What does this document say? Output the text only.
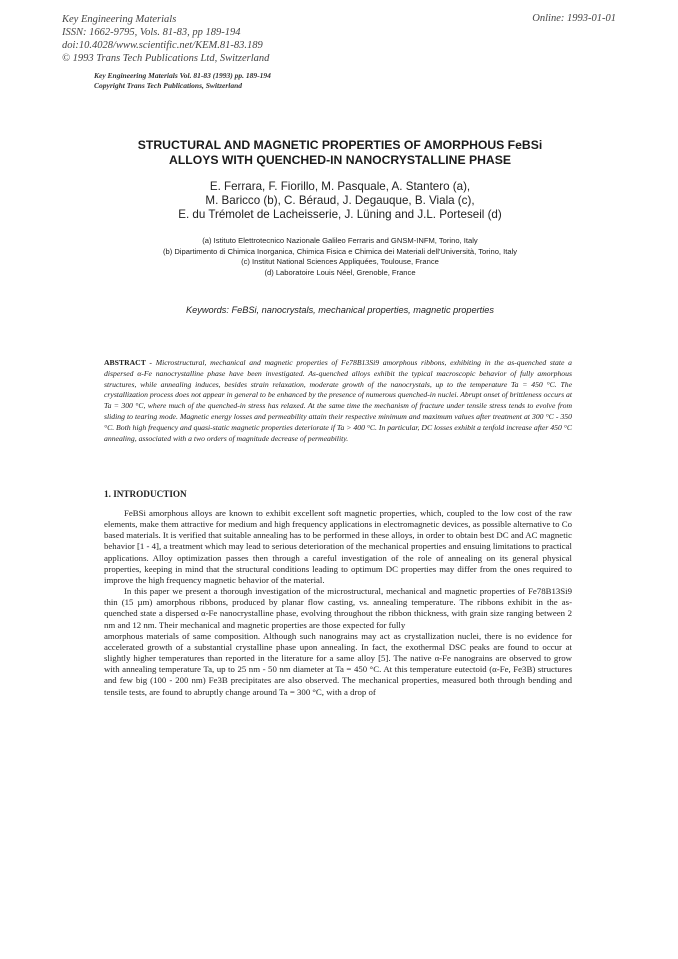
Key Engineering Materials
ISSN: 1662-9795, Vols. 81-83, pp 189-194
doi:10.4028/www.scientific.net/KEM.81-83.189
© 1993 Trans Tech Publications Ltd, Switzerland
Online: 1993-01-01
Key Engineering Materials Vol. 81-83 (1993) pp. 189-194
Copyright Trans Tech Publications, Switzerland
STRUCTURAL AND MAGNETIC PROPERTIES OF AMORPHOUS FeBSi
ALLOYS WITH QUENCHED-IN NANOCRYSTALLINE PHASE
E. Ferrara, F. Fiorillo, M. Pasquale, A. Stantero (a),
M. Baricco (b), C. Béraud, J. Degauque, B. Viala (c),
E. du Trémolet de Lacheisserie, J. Lüning and J.L. Porteseil (d)
(a) Istituto Elettrotecnico Nazionale Galileo Ferraris and GNSM-INFM, Torino, Italy
(b) Dipartimento di Chimica Inorganica, Chimica Fisica e Chimica dei Materiali dell'Università, Torino, Italy
(c) Institut National Sciences Appliquées, Toulouse, France
(d) Laboratoire Louis Néel, Grenoble, France
Keywords: FeBSi, nanocrystals, mechanical properties, magnetic properties
ABSTRACT - Microstructural, mechanical and magnetic properties of Fe78B13Si9 amorphous ribbons, exhibiting in the as-quenched state a dispersed α-Fe nanocrystalline phase have been investigated. As-quenched alloys exhibit the typical macroscopic behavior of fully amorphous structures, while annealing induces, besides strain relaxation, moderate growth of the nanocrystals, up to the temperature Ta = 450 °C. The crystallization process does not appear in general to be enhanced by the presence of numerous quenched-in nuclei. Abrupt onset of brittleness occurs at Ta = 300 °C, where much of the quenched-in stress has relaxed. At the same time the mechanism of fracture under tensile stress tends to evolve from sliding to tearing mode. Magnetic energy losses and permeability attain their respective minimum and maximum values after treatment at 300 °C - 350 °C. Both high frequency and quasi-static magnetic properties deteriorate if Ta > 400 °C. In particular, DC losses exhibit a tenfold increase after 450 °C annealing, associated with a two orders of magnitude decrease of permeability.
1. INTRODUCTION

FeBSi amorphous alloys are known to exhibit excellent soft magnetic properties, which, coupled to the low cost of the raw elements, make them attractive for medium and high frequency applications in electromagnetic devices, as possible alternative to Co based materials. It is verified that suitable annealing has to be performed in these alloys, in order to obtain best DC and AC magnetic behavior [1 - 4], a treatment which may lead to serious deterioration of the mechanical properties and ensuing limitations to practical applications. Alloy optimization passes then through a careful investigation of the role of annealing on its general physical properties, keeping in mind that the structural conditions leading to optimum DC properties may differ from the ones required to improve the high frequency magnetic behavior of the material.

In this paper we present a thorough investigation of the microstructural, mechanical and magnetic properties of Fe78B13Si9 thin (15 µm) amorphous ribbons, produced by planar flow casting, vs. annealing temperature. The ribbons exhibit in the as-quenched state a dispersed α-Fe nanocrystalline phase, evolving throughout the ribbon thickness, with grain size ranging between 2 nm and 12 nm. Their mechanical and magnetic properties are those expected for fully

amorphous materials of same composition. Although such nanograins may act as crystallization nuclei, there is no evidence for accelerated growth of a substantial crystalline phase upon annealing. In fact, the exothermal DSC peaks are found to occur at slightly higher temperatures than reported in the literature for a same alloy [5]. The native α-Fe nanograins are observed to grow with annealing temperature Ta, up to 25 nm - 50 nm diameter at Ta = 450 °C. At this temperature eutectoid (α-Fe, Fe3B) structures and few big (100 - 200 nm) Fe3B precipitates are also observed. The mechanical properties, measured both through bending and tensile tests, are found to abruptly change around Ta = 300 °C, with a drop of
